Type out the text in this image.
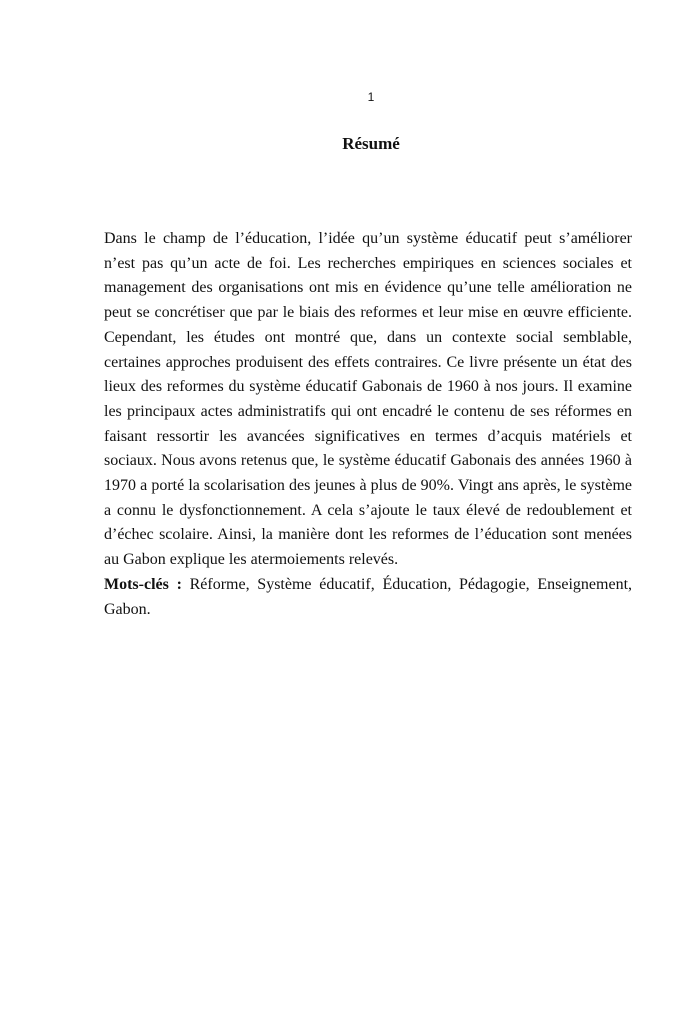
1
Résumé

Dans le champ de l’éducation, l’idée qu’un système éducatif peut s’améliorer n’est pas qu’un acte de foi. Les recherches empiriques en sciences sociales et management des organisations ont mis en évidence qu’une telle amélioration ne peut se concrétiser que par le biais des reformes et leur mise en œuvre efficiente. Cependant, les études ont montré que, dans un contexte social semblable, certaines approches produisent des effets contraires. Ce livre présente un état des lieux des reformes du système éducatif Gabonais de 1960 à nos jours. Il examine les principaux actes administratifs qui ont encadré le contenu de ses réformes en faisant ressortir les avancées significatives en termes d’acquis matériels et sociaux. Nous avons retenus que, le système éducatif Gabonais des années 1960 à 1970 a porté la scolarisation des jeunes à plus de 90%. Vingt ans après, le système a connu le dysfonctionnement. A cela s’ajoute le taux élevé de redoublement et d’échec scolaire. Ainsi, la manière dont les reformes de l’éducation sont menées au Gabon explique les atermoiements relevés.

Mots-clés : Réforme, Système éducatif, Éducation, Pédagogie, Enseignement, Gabon.
